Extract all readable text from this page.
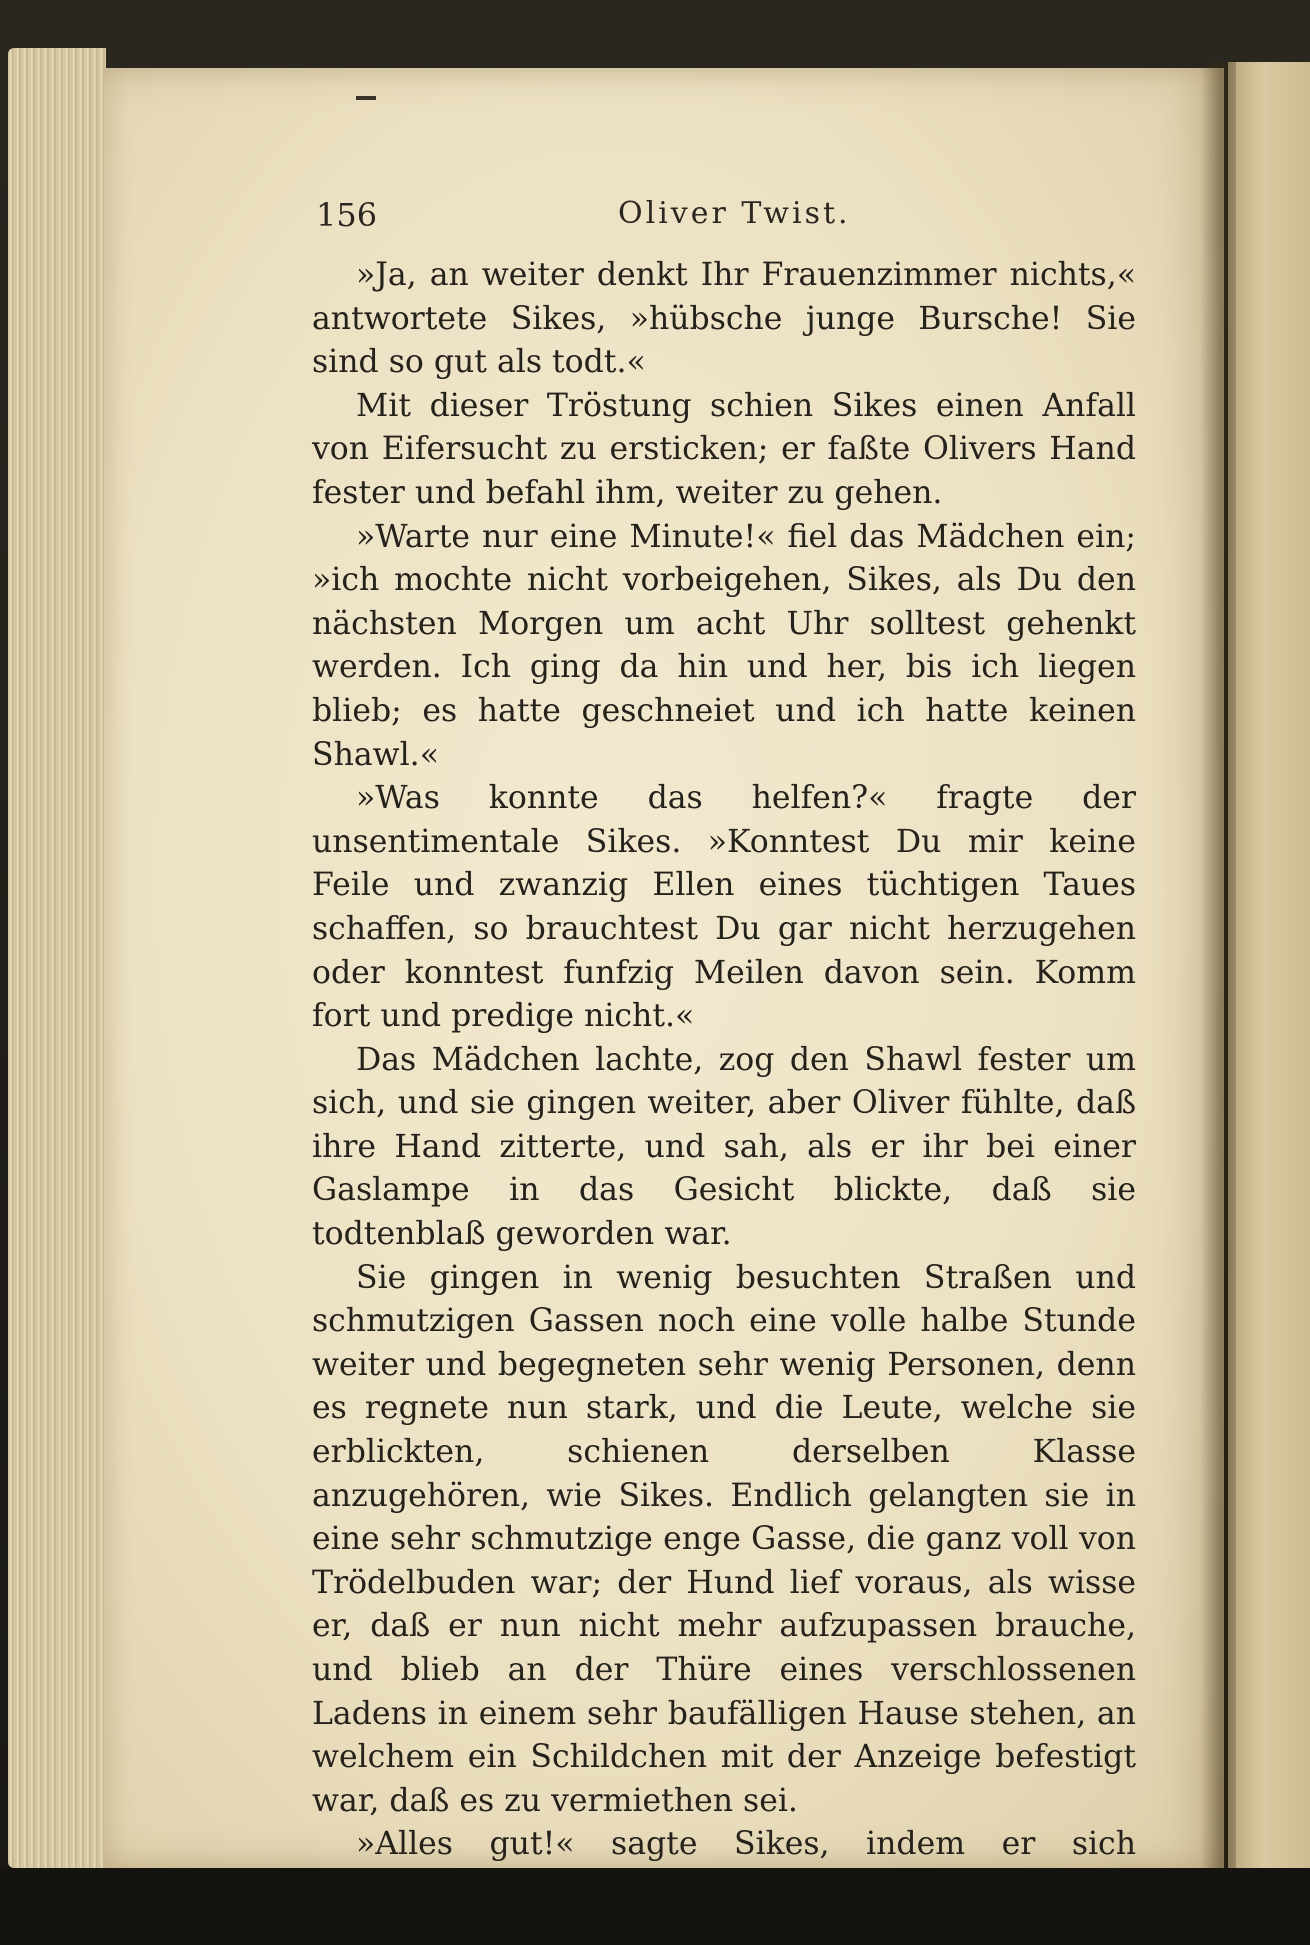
156	Oliver Twist.

»Ja, an weiter denkt Ihr Frauenzimmer nichts,« antwortete Sikes, »hübsche junge Bursche! Sie sind so gut als todt.«

Mit dieser Tröstung schien Sikes einen Anfall von Eifersucht zu ersticken; er faßte Olivers Hand fester und befahl ihm, weiter zu gehen.

»Warte nur eine Minute!« fiel das Mädchen ein; »ich mochte nicht vorbeigehen, Sikes, als Du den nächsten Morgen um acht Uhr solltest gehenkt werden. Ich ging da hin und her, bis ich liegen blieb; es hatte geschneiet und ich hatte keinen Shawl.«

»Was konnte das helfen?« fragte der unsentimentale Sikes. »Konntest Du mir keine Feile und zwanzig Ellen eines tüchtigen Taues schaffen, so brauchtest Du gar nicht herzugehen oder konntest funfzig Meilen davon sein. Komm fort und predige nicht.«

Das Mädchen lachte, zog den Shawl fester um sich, und sie gingen weiter, aber Oliver fühlte, daß ihre Hand zitterte, und sah, als er ihr bei einer Gaslampe in das Gesicht blickte, daß sie todtenblaß geworden war.

Sie gingen in wenig besuchten Straßen und schmutzigen Gassen noch eine volle halbe Stunde weiter und begegneten sehr wenig Personen, denn es regnete nun stark, und die Leute, welche sie erblickten, schienen derselben Klasse anzugehören, wie Sikes. Endlich gelangten sie in eine sehr schmutzige enge Gasse, die ganz voll von Trödelbuden war; der Hund lief voraus, als wisse er, daß er nun nicht mehr aufzupassen brauche, und blieb an der Thüre eines verschlossenen Ladens in einem sehr baufälligen Hause stehen, an welchem ein Schildchen mit der Anzeige befestigt war, daß es zu vermiethen sei.

»Alles gut!« sagte Sikes, indem er sich
